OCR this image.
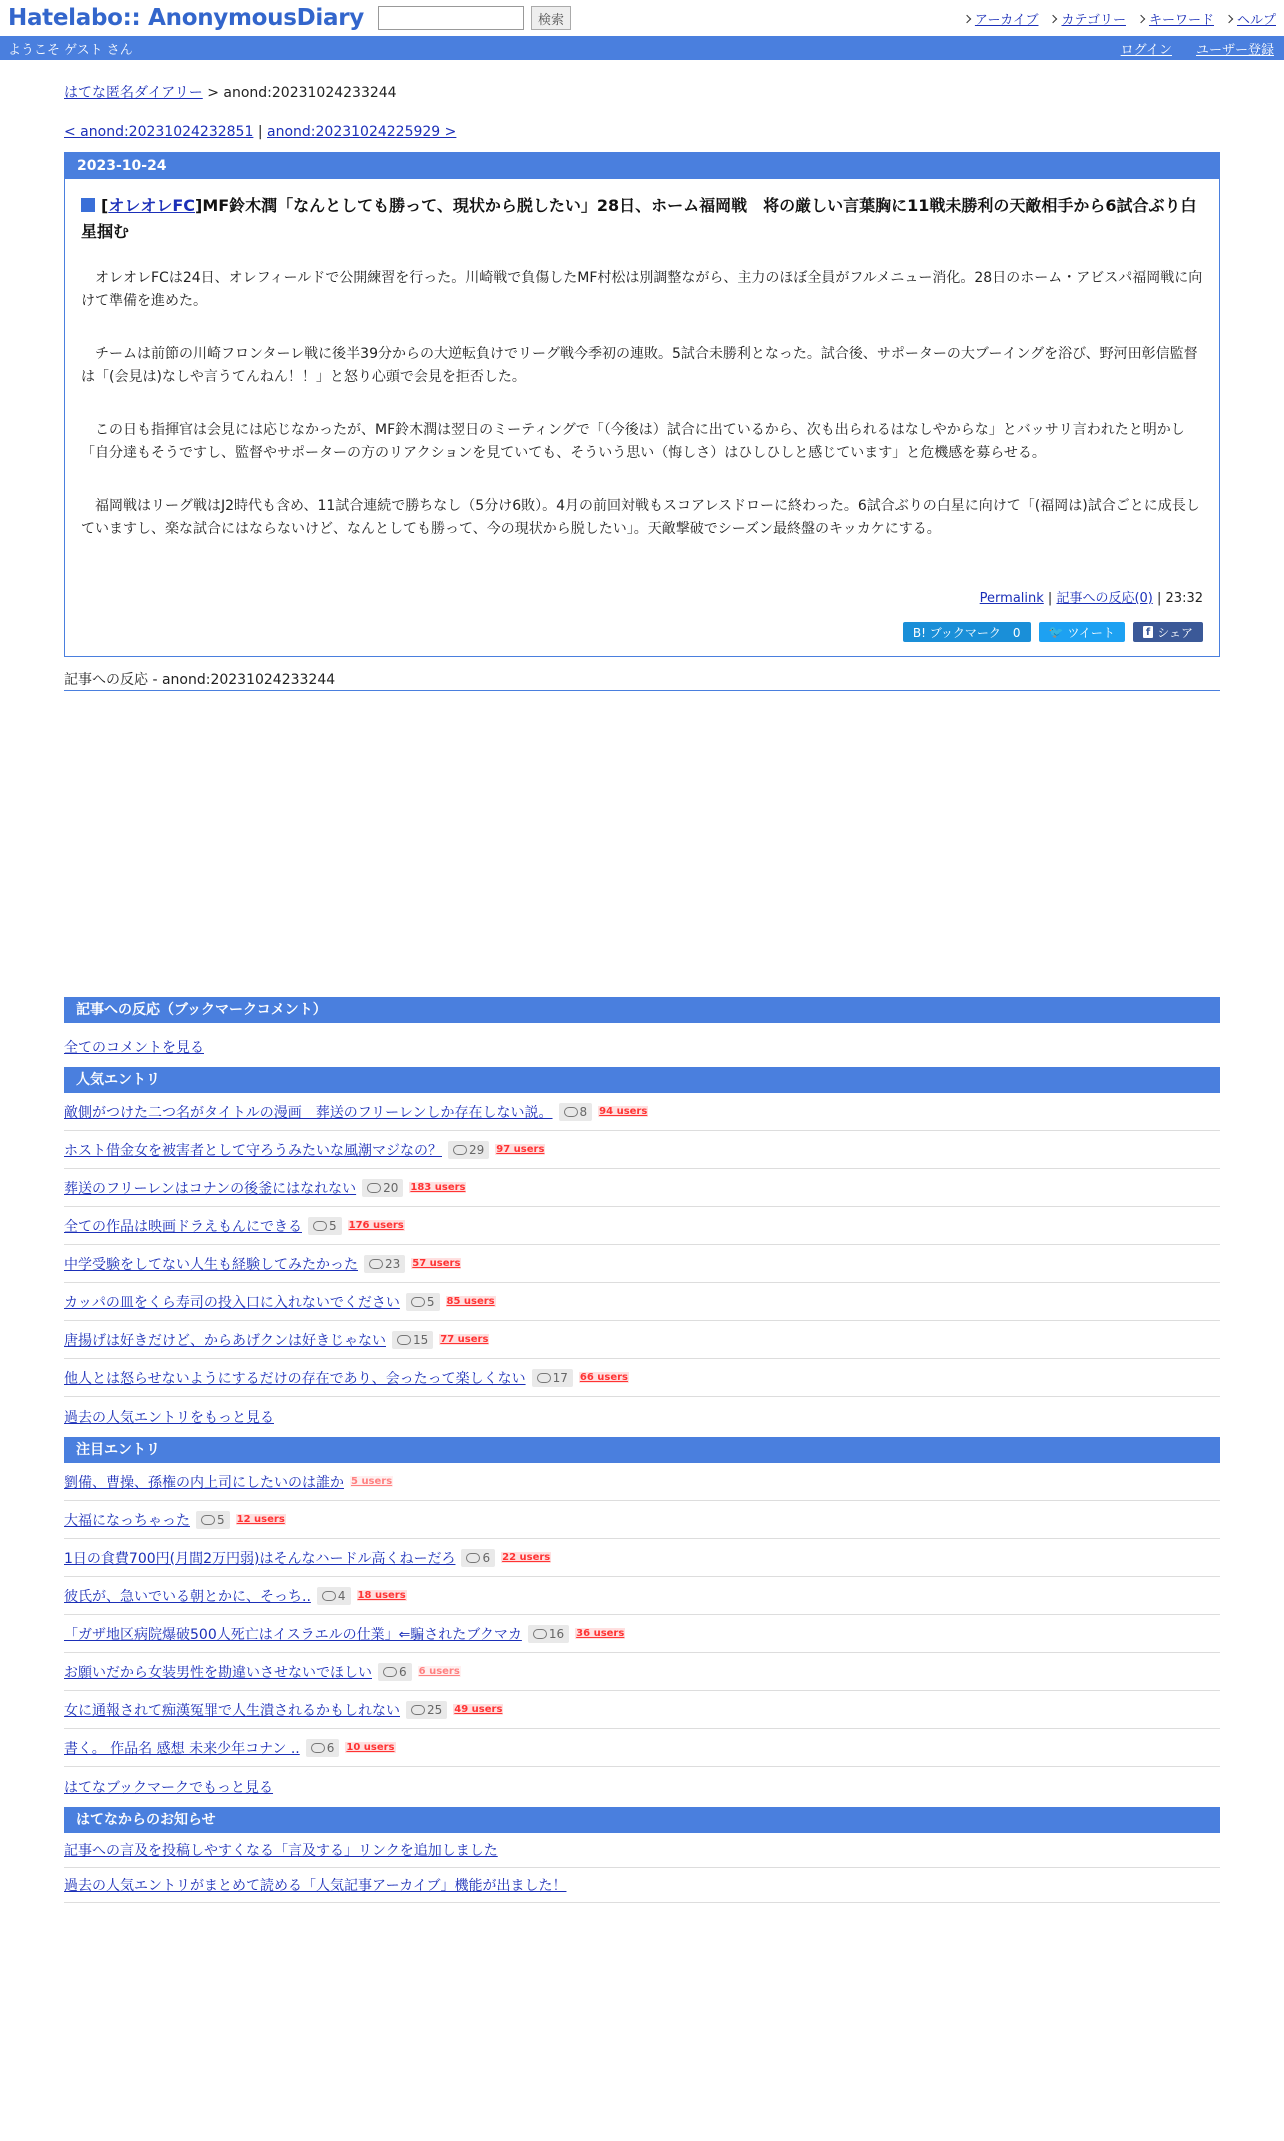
Hatelabo:: AnonymousDiary	検索	アーカイブ カテゴリー キーワード ヘルプ
ようこそ ゲスト さん	ログイン ユーザー登録
はてな匿名ダイアリー > anond:20231024233244
< anond:20231024232851 | anond:20231024225929 >
2023-10-24
[オレオレFC]MF鈴木潤「なんとしても勝って、現状から脱したい」28日、ホーム福岡戦　将の厳しい言葉胸に11戦未勝利の天敵相手から6試合ぶり白星掴む
　オレオレFCは24日、オレフィールドで公開練習を行った。川崎戦で負傷したMF村松は別調整ながら、主力のほぼ全員がフルメニュー消化。28日のホーム・アビスパ福岡戦に向けて準備を進めた。
　チームは前節の川崎フロンターレ戦に後半39分からの大逆転負けでリーグ戦今季初の連敗。5試合未勝利となった。試合後、サポーターの大ブーイングを浴び、野河田彰信監督は「(会見は)なしや言うてんねん！！」と怒り心頭で会見を拒否した。
　この日も指揮官は会見には応じなかったが、MF鈴木潤は翌日のミーティングで「（今後は）試合に出ているから、次も出られるはなしやからな」とバッサリ言われたと明かし「自分達もそうですし、監督やサポーターの方のリアクションを見ていても、そういう思い（悔しさ）はひしひしと感じています」と危機感を募らせる。
　福岡戦はリーグ戦はJ2時代も含め、11試合連続で勝ちなし（5分け6敗）。4月の前回対戦もスコアレスドローに終わった。6試合ぶりの白星に向けて「(福岡は)試合ごとに成長していますし、楽な試合にはならないけど、なんとしても勝って、今の現状から脱したい」。天敵撃破でシーズン最終盤のキッカケにする。
Permalink | 記事への反応(0) | 23:32
B! ブックマーク　0	🐦 ツイート	f シェア
記事への反応 - anond:20231024233244
記事への反応（ブックマークコメント）
全てのコメントを見る
人気エントリ
敵側がつけた二つ名がタイトルの漫画　葬送のフリーレンしか存在しない説。 8 94 users
ホスト借金女を被害者として守ろうみたいな風潮マジなの？ 29 97 users
葬送のフリーレンはコナンの後釜にはなれない 20 183 users
全ての作品は映画ドラえもんにできる 5 176 users
中学受験をしてない人生も経験してみたかった 23 57 users
カッパの皿をくら寿司の投入口に入れないでください 5 85 users
唐揚げは好きだけど、からあげクンは好きじゃない 15 77 users
他人とは怒らせないようにするだけの存在であり、会ったって楽しくない 17 66 users
過去の人気エントリをもっと見る
注目エントリ
劉備、曹操、孫権の内上司にしたいのは誰か 5 users
大福になっちゃった 5 12 users
1日の食費700円(月間2万円弱)はそんなハードル高くねーだろ 6 22 users
彼氏が、急いでいる朝とかに、そっち.. 4 18 users
「ガザ地区病院爆破500人死亡はイスラエルの仕業」⇐騙されたブクマカ 16 36 users
お願いだから女装男性を勘違いさせないでほしい 6 6 users
女に通報されて痴漢冤罪で人生潰されるかもしれない 25 49 users
書く。 作品名 感想 未来少年コナン .. 6 10 users
はてなブックマークでもっと見る
はてなからのお知らせ
記事への言及を投稿しやすくなる「言及する」リンクを追加しました
過去の人気エントリがまとめて読める「人気記事アーカイブ」機能が出ました！
